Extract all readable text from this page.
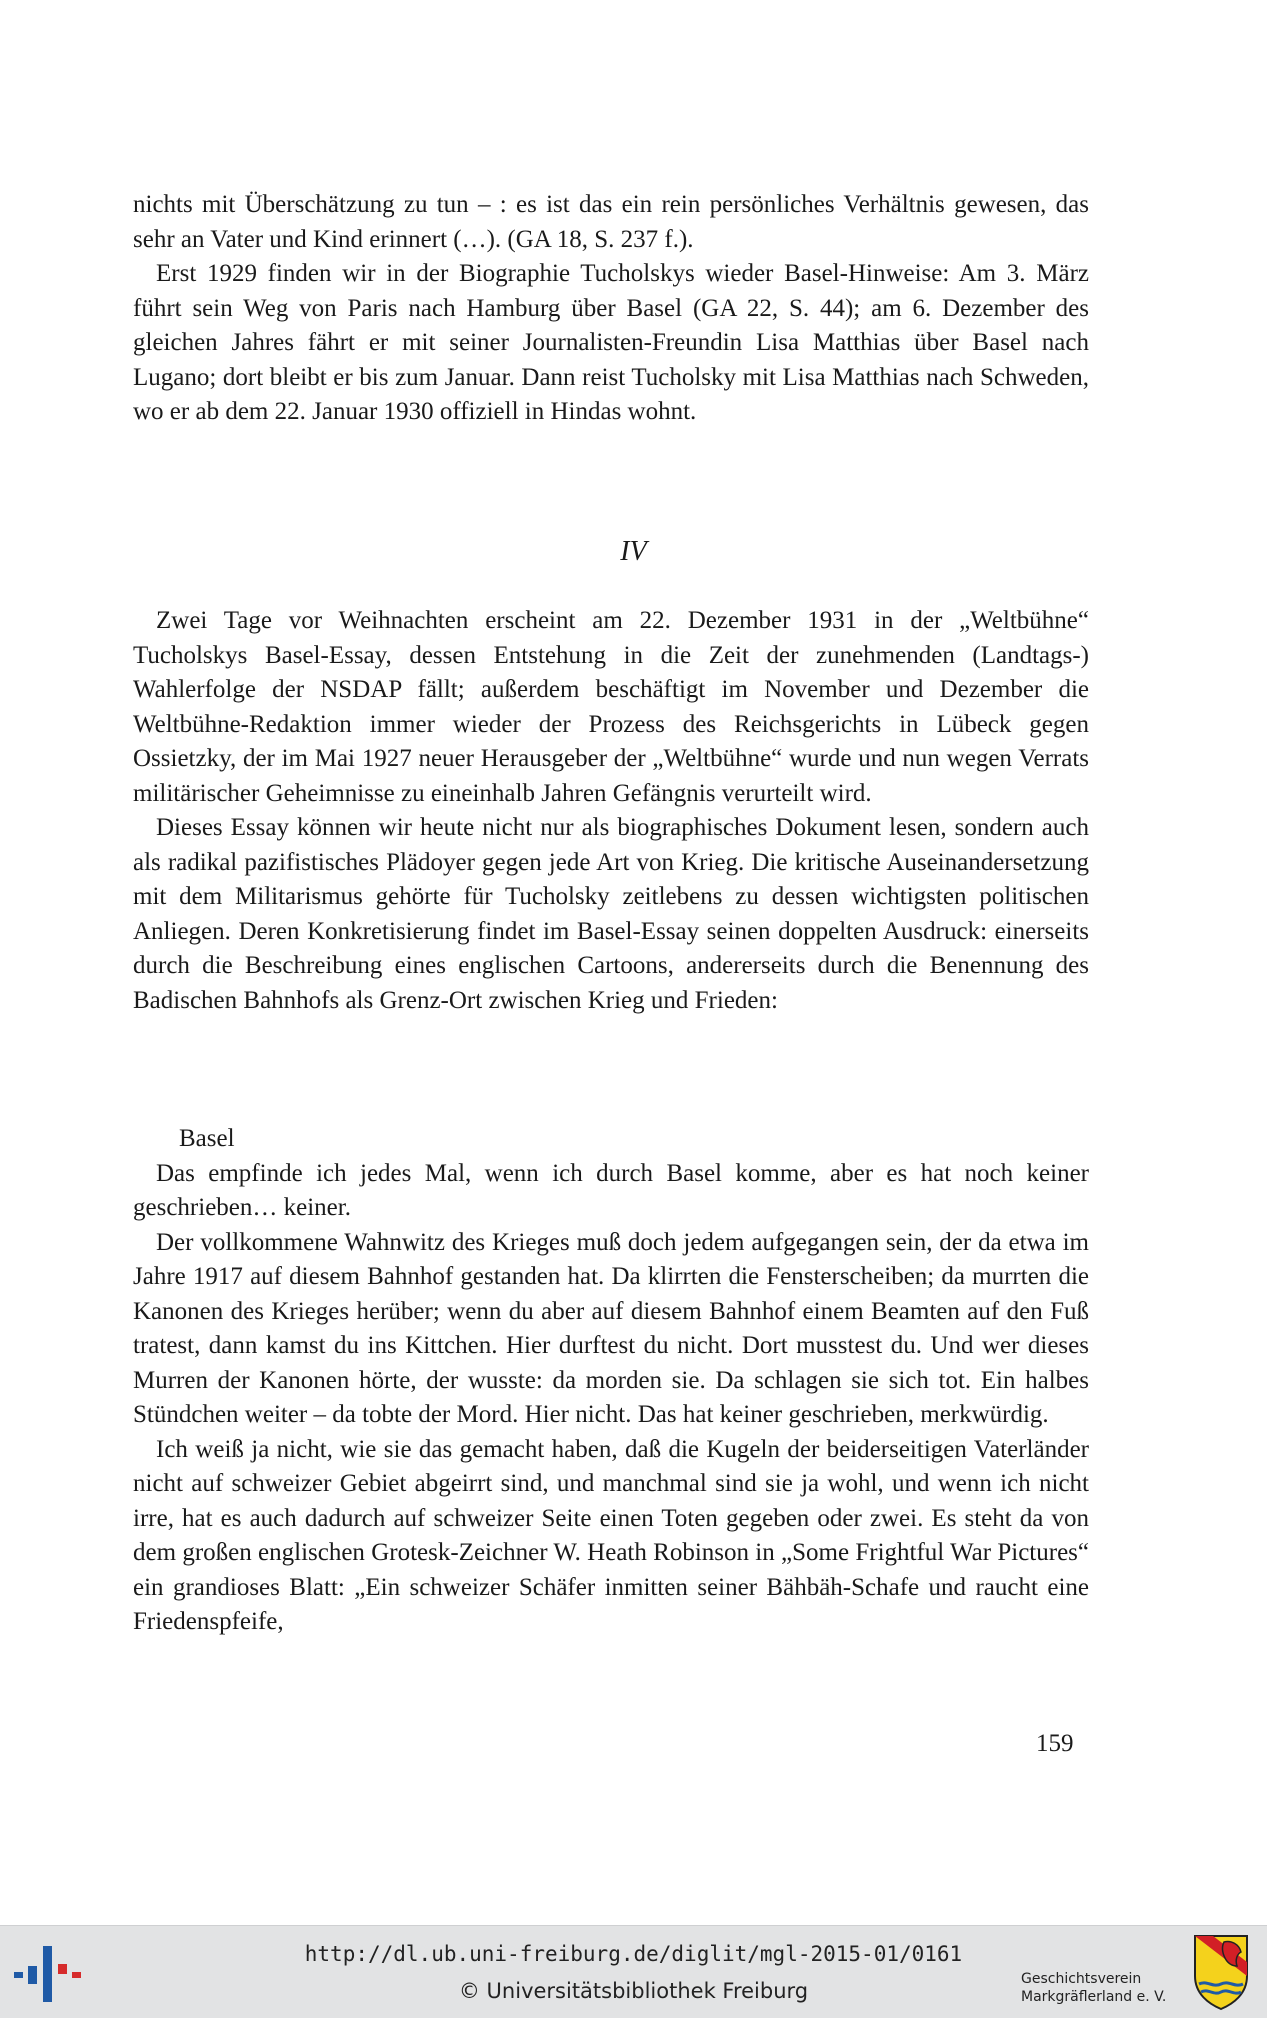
nichts mit Überschätzung zu tun – : es ist das ein rein persönliches Verhältnis gewesen, das sehr an Vater und Kind erinnert (…). (GA 18, S. 237 f.).

Erst 1929 finden wir in der Biographie Tucholskys wieder Basel-Hinweise: Am 3. März führt sein Weg von Paris nach Hamburg über Basel (GA 22, S. 44); am 6. Dezember des gleichen Jahres fährt er mit seiner Journalisten-Freundin Lisa Matthias über Basel nach Lugano; dort bleibt er bis zum Januar. Dann reist Tucholsky mit Lisa Matthias nach Schweden, wo er ab dem 22. Januar 1930 offiziell in Hindas wohnt.

IV

Zwei Tage vor Weihnachten erscheint am 22. Dezember 1931 in der „Weltbühne“ Tucholskys Basel-Essay, dessen Entstehung in die Zeit der zunehmenden (Landtags-) Wahlerfolge der NSDAP fällt; außerdem beschäftigt im November und Dezember die Weltbühne-Redaktion immer wieder der Prozess des Reichsgerichts in Lübeck gegen Ossietzky, der im Mai 1927 neuer Herausgeber der „Weltbühne“ wurde und nun wegen Verrats militärischer Geheimnisse zu eineinhalb Jahren Gefängnis verurteilt wird.

Dieses Essay können wir heute nicht nur als biographisches Dokument lesen, sondern auch als radikal pazifistisches Plädoyer gegen jede Art von Krieg. Die kritische Auseinandersetzung mit dem Militarismus gehörte für Tucholsky zeitlebens zu dessen wichtigsten politischen Anliegen. Deren Konkretisierung findet im Basel-Essay seinen doppelten Ausdruck: einerseits durch die Beschreibung eines englischen Cartoons, andererseits durch die Benennung des Badischen Bahnhofs als Grenz-Ort zwischen Krieg und Frieden:

Basel

Das empfinde ich jedes Mal, wenn ich durch Basel komme, aber es hat noch keiner geschrieben… keiner.

Der vollkommene Wahnwitz des Krieges muß doch jedem aufgegangen sein, der da etwa im Jahre 1917 auf diesem Bahnhof gestanden hat. Da klirrten die Fensterscheiben; da murrten die Kanonen des Krieges herüber; wenn du aber auf diesem Bahnhof einem Beamten auf den Fuß tratest, dann kamst du ins Kittchen. Hier durftest du nicht. Dort musstest du. Und wer dieses Murren der Kanonen hörte, der wusste: da morden sie. Da schlagen sie sich tot. Ein halbes Stündchen weiter – da tobte der Mord. Hier nicht. Das hat keiner geschrieben, merkwürdig.

Ich weiß ja nicht, wie sie das gemacht haben, daß die Kugeln der beiderseitigen Vaterländer nicht auf schweizer Gebiet abgeirrt sind, und manchmal sind sie ja wohl, und wenn ich nicht irre, hat es auch dadurch auf schweizer Seite einen Toten gegeben oder zwei. Es steht da von dem großen englischen Grotesk-Zeichner W. Heath Robinson in „Some Frightful War Pictures“ ein grandioses Blatt: „Ein schweizer Schäfer inmitten seiner Bähbäh-Schafe und raucht eine Friedenspfeife,

159
http://dl.ub.uni-freiburg.de/diglit/mgl-2015-01/0161
© Universitätsbibliothek Freiburg	Geschichtsverein
Markgräflerland e. V.
